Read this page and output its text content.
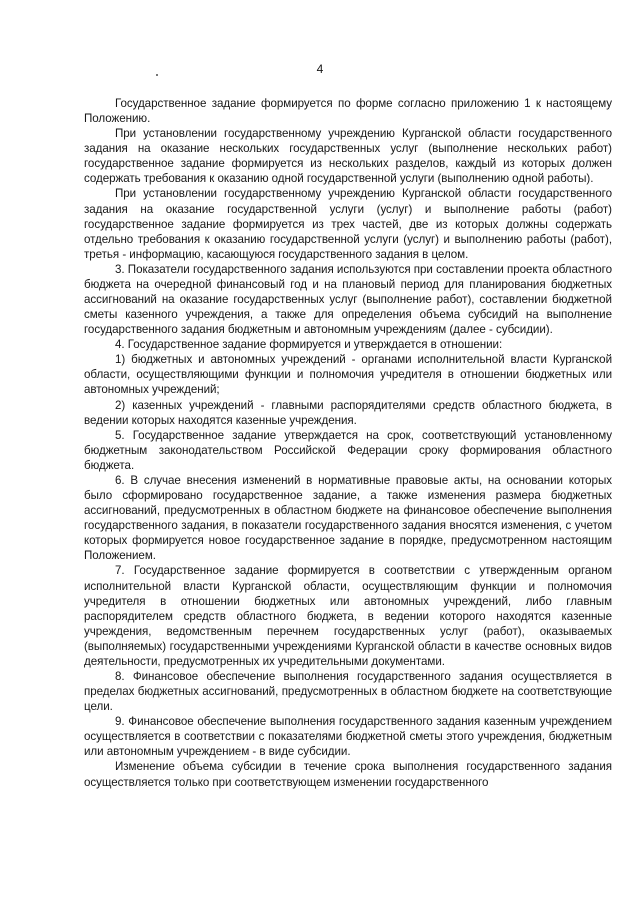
4

Государственное задание формируется по форме согласно приложению 1 к настоящему Положению.

При установлении государственному учреждению Курганской области государственного задания на оказание нескольких государственных услуг (выполнение нескольких работ) государственное задание формируется из нескольких разделов, каждый из которых должен содержать требования к оказанию одной государственной услуги (выполнению одной работы).

При установлении государственному учреждению Курганской области государственного задания на оказание государственной услуги (услуг) и выполнение работы (работ) государственное задание формируется из трех частей, две из которых должны содержать отдельно требования к оказанию государственной услуги (услуг) и выполнению работы (работ), третья - информацию, касающуюся государственного задания в целом.

3. Показатели государственного задания используются при составлении проекта областного бюджета на очередной финансовый год и на плановый период для планирования бюджетных ассигнований на оказание государственных услуг (выполнение работ), составлении бюджетной сметы казенного учреждения, а также для определения объема субсидий на выполнение государственного задания бюджетным и автономным учреждениям (далее - субсидии).

4. Государственное задание формируется и утверждается в отношении:

1) бюджетных и автономных учреждений - органами исполнительной власти Курганской области, осуществляющими функции и полномочия учредителя в отношении бюджетных или автономных учреждений;

2) казенных учреждений - главными распорядителями средств областного бюджета, в ведении которых находятся казенные учреждения.

5. Государственное задание утверждается на срок, соответствующий установленному бюджетным законодательством Российской Федерации сроку формирования областного бюджета.

6. В случае внесения изменений в нормативные правовые акты, на основании которых было сформировано государственное задание, а также изменения размера бюджетных ассигнований, предусмотренных в областном бюджете на финансовое обеспечение выполнения государственного задания, в показатели государственного задания вносятся изменения, с учетом которых формируется новое государственное задание в порядке, предусмотренном настоящим Положением.

7. Государственное задание формируется в соответствии с утвержденным органом исполнительной власти Курганской области, осуществляющим функции и полномочия учредителя в отношении бюджетных или автономных учреждений, либо главным распорядителем средств областного бюджета, в ведении которого находятся казенные учреждения, ведомственным перечнем государственных услуг (работ), оказываемых (выполняемых) государственными учреждениями Курганской области в качестве основных видов деятельности, предусмотренных их учредительными документами.

8. Финансовое обеспечение выполнения государственного задания осуществляется в пределах бюджетных ассигнований, предусмотренных в областном бюджете на соответствующие цели.

9. Финансовое обеспечение выполнения государственного задания казенным учреждением осуществляется в соответствии с показателями бюджетной сметы этого учреждения, бюджетным или автономным учреждением - в виде субсидии.

Изменение объема субсидии в течение срока выполнения государственного задания осуществляется только при соответствующем изменении государственного
